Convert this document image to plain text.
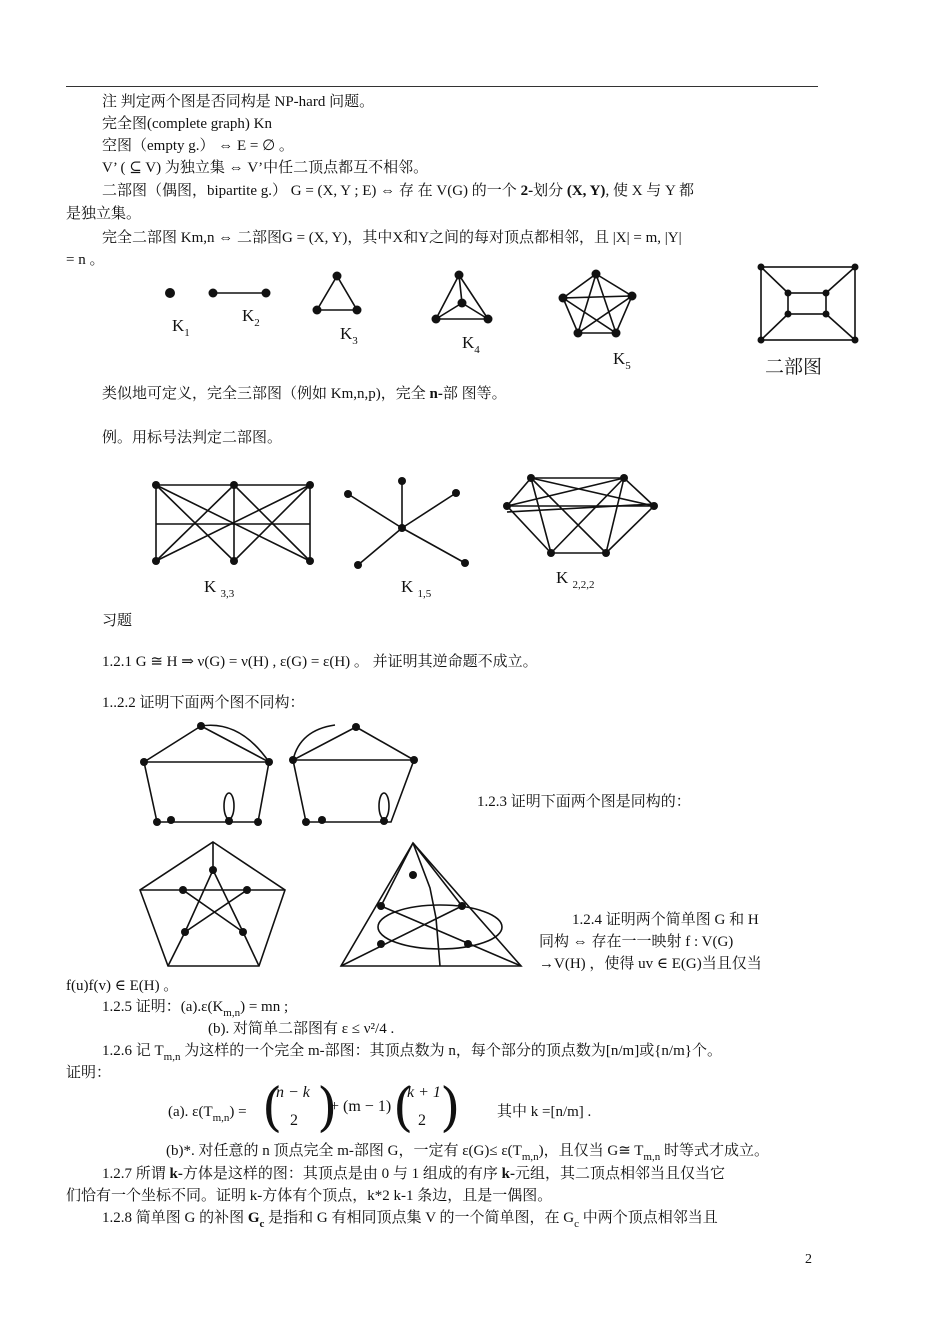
注 判定两个图是否同构是 NP-hard 问题。
完全图(complete graph) Kn
空图（empty g.） ⇔ E = ∅ 。
V’ ( ⊆ V) 为独立集 ⇔ V’中任二顶点都互不相邻。
二部图（偶图，bipartite g.） G = (X, Y ; E) ⇔ 存 在 V(G) 的一个 2-划分 (X, Y), 使 X 与 Y 都
是独立集。
完全二部图 Km,n ⇔ 二部图G = (X, Y)，其中X和Y之间的每对顶点都相邻，且 |X| = m, |Y|
= n 。
$K_1$
$K_2$
$K_3$	$K_4$	$K_5$	二部图
类似地可定义，完全三部图（例如 Km,n,p)，完全 n-部 图等。
例。用标号法判定二部图。
K $_{3,3}$	K $_{1,5}$
K $_{2,2,2}$
习题
1.2.1 G ≅ H ⇒ ν(G) = ν(H) , ε(G) = ε(H) 。 并证明其逆命题不成立。
1..2.2 证明下面两个图不同构：
1.2.3 证明下面两个图是同构的：
1.2.4 证明两个简单图 G 和 H
同构 ⇔ 存在一一映射 f : V(G)
→V(H) ，使得 uv ∈ E(G)当且仅当
f(u)f(v) ∈ E(H) 。
1.2.5 证明：$(a).\varepsilon(K_{m,n})$ = mn ;
(b). 对简单二部图有 ε ≤ ν²/4 .
1.2.6 记 $T_{m,n}$ 为这样的一个完全 m-部图：其顶点数为 n，每个部分的顶点数为[n/m]或{n/m}个。
证明：
(a). $\varepsilon(T_{m,n})$ = (
n − k
2 )
+ (m − 1) (
k + 1
2 ) 其中 k =[n/m] .
(b)*. 对任意的 n 顶点完全 m-部图 G，一定有 $\varepsilon(G)\le \varepsilon(T_{m,n})$，且仅当 G≅ $T_{m,n}$ 时等式才成立。
1.2.7 所谓 k-方体是这样的图：其顶点是由 0 与 1 组成的有序 k-元组，其二顶点相邻当且仅当它
们恰有一个坐标不同。证明 k-方体有个顶点，k*2 k-1 条边，且是一偶图。
1.2.8 简单图 G 的补图 $G_c$ 是指和 G 有相同顶点集 V 的一个简单图，在 $G_c$ 中两个顶点相邻当且
2
